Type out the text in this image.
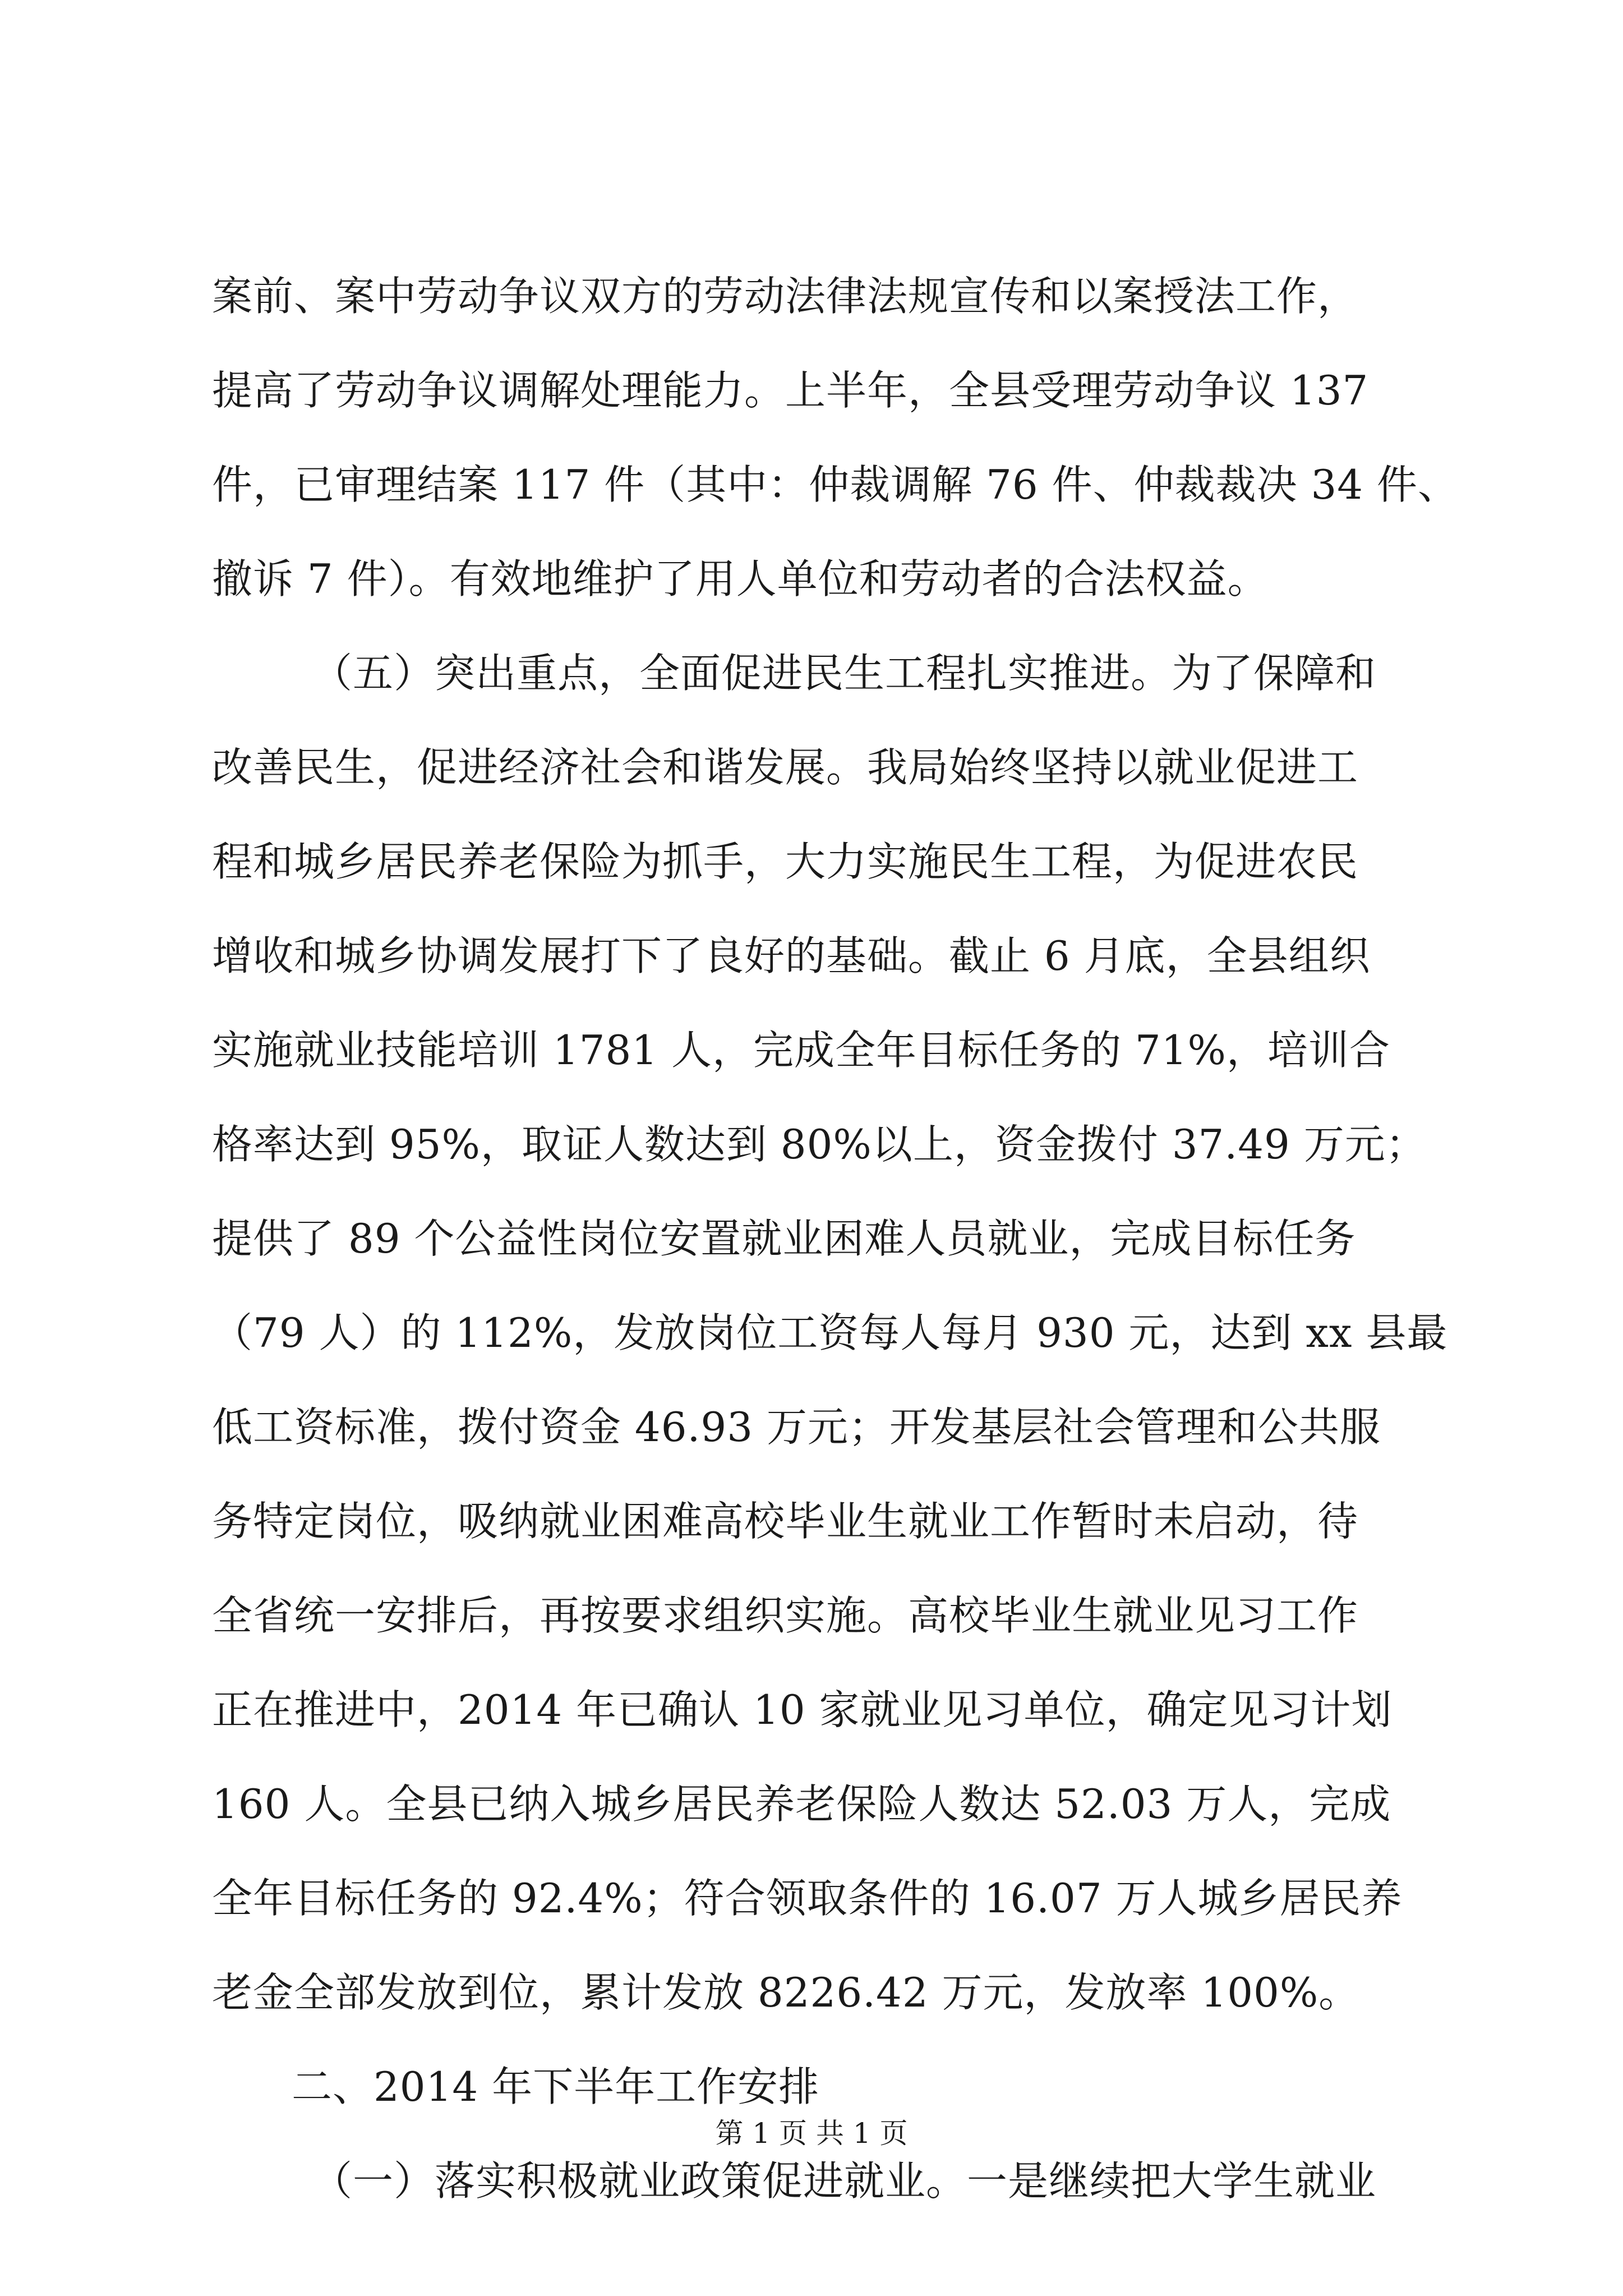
案前、案中劳动争议双方的劳动法律法规宣传和以案授法工作，
提高了劳动争议调解处理能力。上半年，全县受理劳动争议 137
件，已审理结案 117 件（其中：仲裁调解 76 件、仲裁裁决 34 件、
撤诉 7 件）。有效地维护了用人单位和劳动者的合法权益。
（五）突出重点，全面促进民生工程扎实推进。为了保障和
改善民生，促进经济社会和谐发展。我局始终坚持以就业促进工
程和城乡居民养老保险为抓手，大力实施民生工程，为促进农民
增收和城乡协调发展打下了良好的基础。截止 6 月底，全县组织
实施就业技能培训 1781 人，完成全年目标任务的 71%，培训合
格率达到 95%，取证人数达到 80%以上，资金拨付 37.49 万元；
提供了 89 个公益性岗位安置就业困难人员就业，完成目标任务
（79 人）的 112%，发放岗位工资每人每月 930 元，达到 xx 县最
低工资标准，拨付资金 46.93 万元；开发基层社会管理和公共服
务特定岗位，吸纳就业困难高校毕业生就业工作暂时未启动，待
全省统一安排后，再按要求组织实施。高校毕业生就业见习工作
正在推进中，2014 年已确认 10 家就业见习单位，确定见习计划
160 人。全县已纳入城乡居民养老保险人数达 52.03 万人，完成
全年目标任务的 92.4%；符合领取条件的 16.07 万人城乡居民养
老金全部发放到位，累计发放 8226.42 万元，发放率 100%。
二、2014 年下半年工作安排
（一）落实积极就业政策促进就业。一是继续把大学生就业
第 1 页 共 1 页
